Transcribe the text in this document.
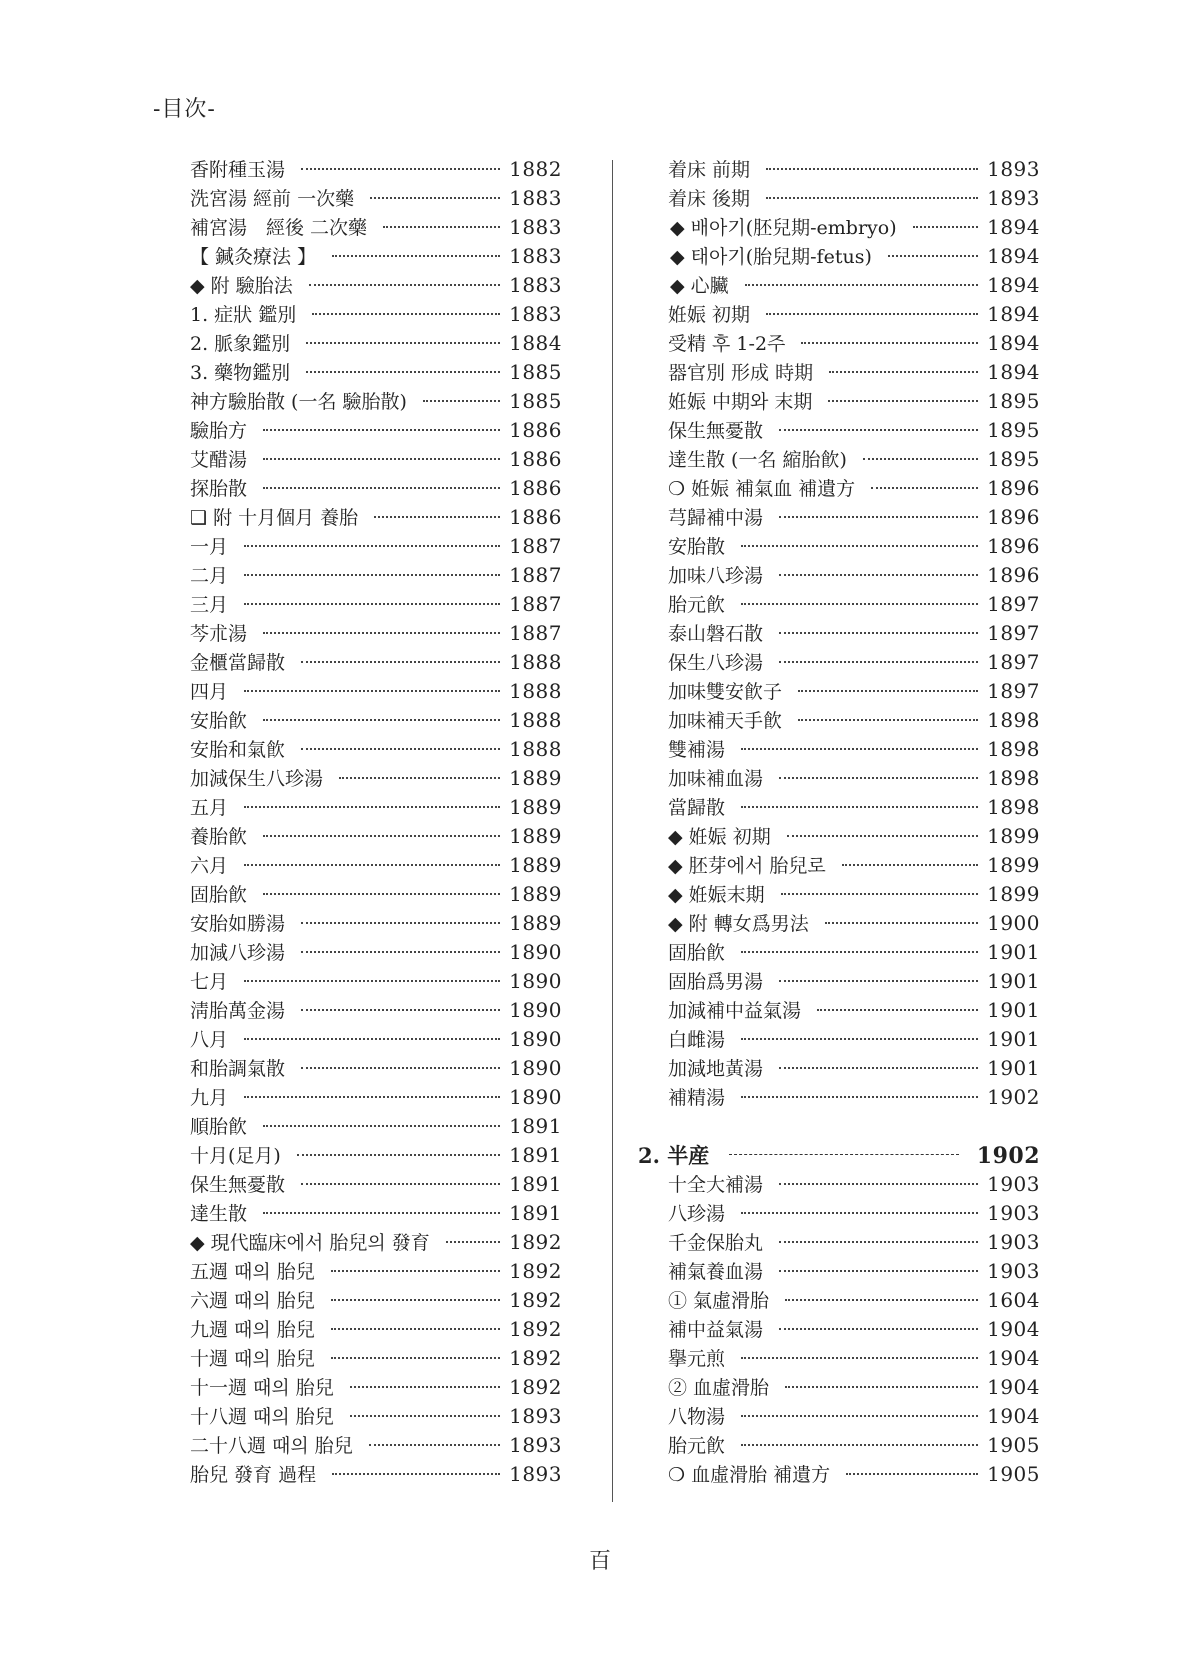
-目次-
香附種玉湯	1882
洗宮湯 經前 一次藥	1883
補宮湯　經後 二次藥	1883
【 鍼灸療法 】	1883
◆ 附 驗胎法	1883
1. 症狀 鑑別	1883
2. 脈象鑑別	1884
3. 藥物鑑別	1885
神方驗胎散 (一名 驗胎散)	1885
驗胎方	1886
艾醋湯	1886
探胎散	1886
❑ 附 十月個月 養胎	1886
一月	1887
二月	1887
三月	1887
芩朮湯	1887
金櫃當歸散	1888
四月	1888
安胎飮	1888
安胎和氣飮	1888
加減保生八珍湯	1889
五月	1889
養胎飮	1889
六月	1889
固胎飮	1889
安胎如勝湯	1889
加減八珍湯	1890
七月	1890
淸胎萬金湯	1890
八月	1890
和胎調氣散	1890
九月	1890
順胎飮	1891
十月(足月)	1891
保生無憂散	1891
達生散	1891
◆ 現代臨床에서 胎兒의 發育	1892
五週 때의 胎兒	1892
六週 때의 胎兒	1892
九週 때의 胎兒	1892
十週 때의 胎兒	1892
十一週 때의 胎兒	1892
十八週 때의 胎兒	1893
二十八週 때의 胎兒	1893
胎兒 發育 過程	1893
着床 前期	1893
着床 後期	1893
◆ 배아기(胚兒期-embryo)	1894
◆ 태아기(胎兒期-fetus)	1894
◆ 心臟	1894
姙娠 初期	1894
受精 후 1-2주	1894
器官別 形成 時期	1894
姙娠 中期와 末期	1895
保生無憂散	1895
達生散 (一名 縮胎飮)	1895
❍ 姙娠 補氣血 補遺方	1896
芎歸補中湯	1896
安胎散	1896
加味八珍湯	1896
胎元飮	1897
泰山磐石散	1897
保生八珍湯	1897
加味雙安飮子	1897
加味補天手飮	1898
雙補湯	1898
加味補血湯	1898
當歸散	1898
◆ 姙娠 初期	1899
◆ 胚芽에서 胎兒로	1899
◆ 姙娠末期	1899
◆ 附 轉女爲男法	1900
固胎飮	1901
固胎爲男湯	1901
加減補中益氣湯	1901
白雌湯	1901
加減地黃湯	1901
補精湯	1902
2. 半産	1902
十全大補湯	1903
八珍湯	1903
千金保胎丸	1903
補氣養血湯	1903
① 氣虛滑胎	1604
補中益氣湯	1904
擧元煎	1904
② 血虛滑胎	1904
八物湯	1904
胎元飮	1905
❍ 血虛滑胎 補遺方	1905
百
